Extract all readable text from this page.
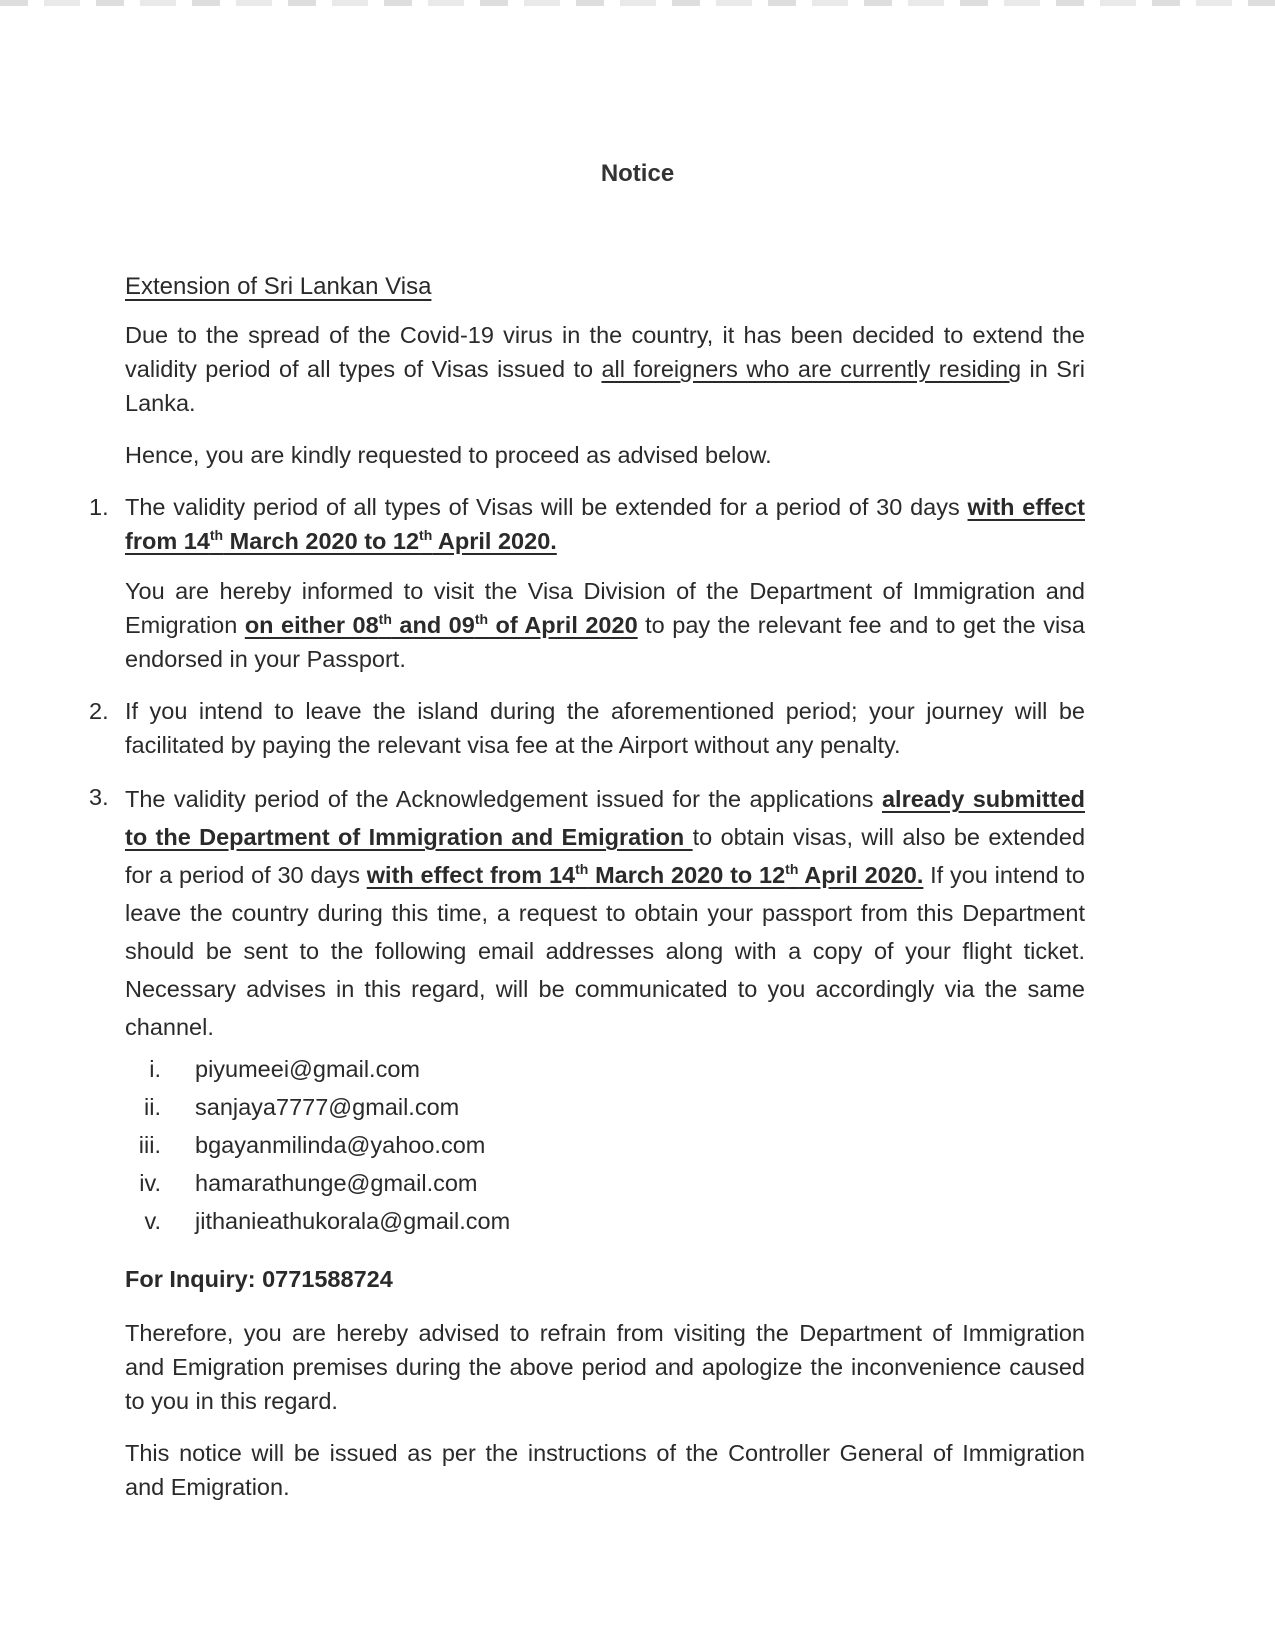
Notice
Extension of Sri Lankan Visa

Due to the spread of the Covid-19 virus in the country, it has been decided to extend the validity period of all types of Visas issued to all foreigners who are currently residing in Sri Lanka.

Hence, you are kindly requested to proceed as advised below.

1. The validity period of all types of Visas will be extended for a period of 30 days with effect from 14th March 2020 to 12th April 2020.

You are hereby informed to visit the Visa Division of the Department of Immigration and Emigration on either 08th and 09th of April 2020 to pay the relevant fee and to get the visa endorsed in your Passport.

2. If you intend to leave the island during the aforementioned period; your journey will be facilitated by paying the relevant visa fee at the Airport without any penalty.

3. The validity period of the Acknowledgement issued for the applications already submitted to the Department of Immigration and Emigration to obtain visas, will also be extended for a period of 30 days with effect from 14th March 2020 to 12th April 2020. If you intend to leave the country during this time, a request to obtain your passport from this Department should be sent to the following email addresses along with a copy of your flight ticket. Necessary advises in this regard, will be communicated to you accordingly via the same channel.

i. piyumeei@gmail.com
ii. sanjaya7777@gmail.com
iii. bgayanmilinda@yahoo.com
iv. hamarathunge@gmail.com
v. jithanieathukorala@gmail.com
For Inquiry: 0771588724

Therefore, you are hereby advised to refrain from visiting the Department of Immigration and Emigration premises during the above period and apologize the inconvenience caused to you in this regard.

This notice will be issued as per the instructions of the Controller General of Immigration and Emigration.
